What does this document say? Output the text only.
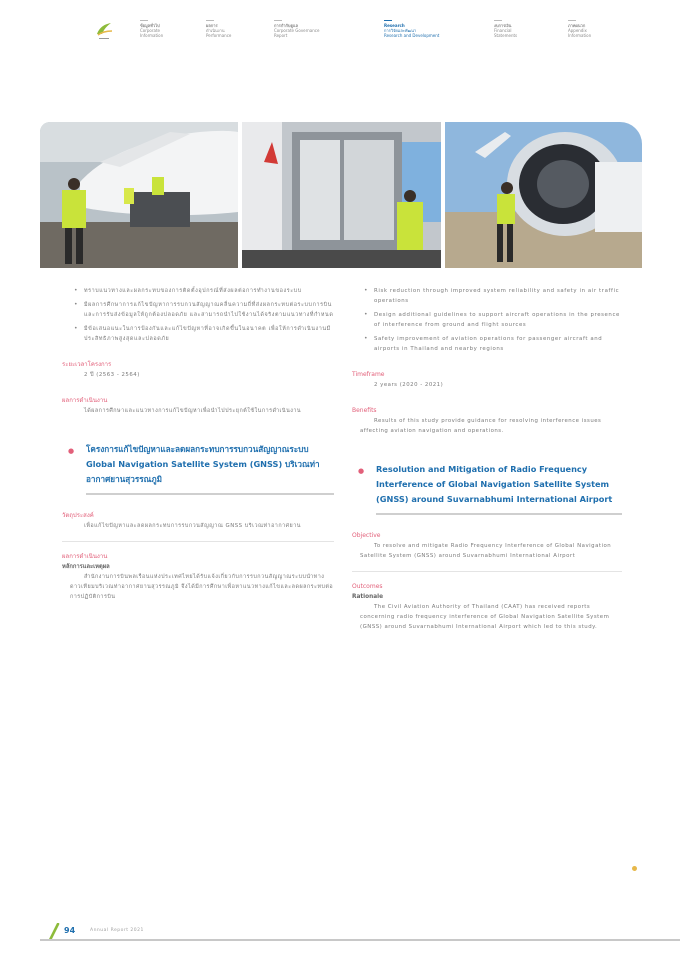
ข้อมูลทั่วไป
Corporate
Information
ผลการ
ดำเนินงาน
Performance
การกำกับดูแล
Corporate Governance
Report
Research
การวิจัยและพัฒนา
Research and Development
งบการเงิน
Financial
Statements
ภาคผนวก
Appendix
Information
• ทราบแนวทางและผลกระทบของการติดตั้งอุปกรณ์ที่ส่งผลต่อการทำงานของระบบ
• มีผลการศึกษาการแก้ไขปัญหาการรบกวนสัญญาณคลื่นความถี่ที่ส่งผลกระทบต่อระบบการบินและการรับส่งข้อมูลให้ถูกต้องปลอดภัย และสามารถนำไปใช้งานได้จริงตามแนวทางที่กำหนด
• มีข้อเสนอแนะในการป้องกันและแก้ไขปัญหาที่อาจเกิดขึ้นในอนาคต เพื่อให้การดำเนินงานมีประสิทธิภาพสูงสุดและปลอดภัย
ระยะเวลาโครงการ
2 ปี (2563 - 2564)
ผลการดำเนินงาน
ได้ผลการศึกษาและแนวทางการแก้ไขปัญหาเพื่อนำไปประยุกต์ใช้ในการดำเนินงาน
● โครงการแก้ไขปัญหาและลดผลกระทบการรบกวนสัญญาณระบบ Global Navigation Satellite System (GNSS) บริเวณท่าอากาศยานสุวรรณภูมิ
วัตถุประสงค์
เพื่อแก้ไขปัญหาและลดผลกระทบการรบกวนสัญญาณ GNSS บริเวณท่าอากาศยาน
ผลการดำเนินงาน
หลักการและเหตุผล
สำนักงานการบินพลเรือนแห่งประเทศไทยได้รับแจ้งเกี่ยวกับการรบกวนสัญญาณระบบนำทางดาวเทียมบริเวณท่าอากาศยานสุวรรณภูมิ จึงได้มีการศึกษาเพื่อหาแนวทางแก้ไขและลดผลกระทบต่อการปฏิบัติการบิน
• Risk reduction through improved system reliability and safety in air traffic operations
• Design additional guidelines to support aircraft operations in the presence of interference from ground and flight sources
• Safety improvement of aviation operations for passenger aircraft and airports in Thailand and nearby regions
Timeframe
2 years (2020 - 2021)
Benefits
Results of this study provide guidance for resolving interference issues affecting aviation navigation and operations.
● Resolution and Mitigation of Radio Frequency Interference of Global Navigation Satellite System (GNSS) around Suvarnabhumi International Airport
Objective
To resolve and mitigate Radio Frequency Interference of Global Navigation Satellite System (GNSS) around Suvarnabhumi International Airport
Outcomes
Rationale
The Civil Aviation Authority of Thailand (CAAT) has received reports concerning radio frequency interference of Global Navigation Satellite System (GNSS) around Suvarnabhumi International Airport which led to this study.
94	Annual Report 2021
